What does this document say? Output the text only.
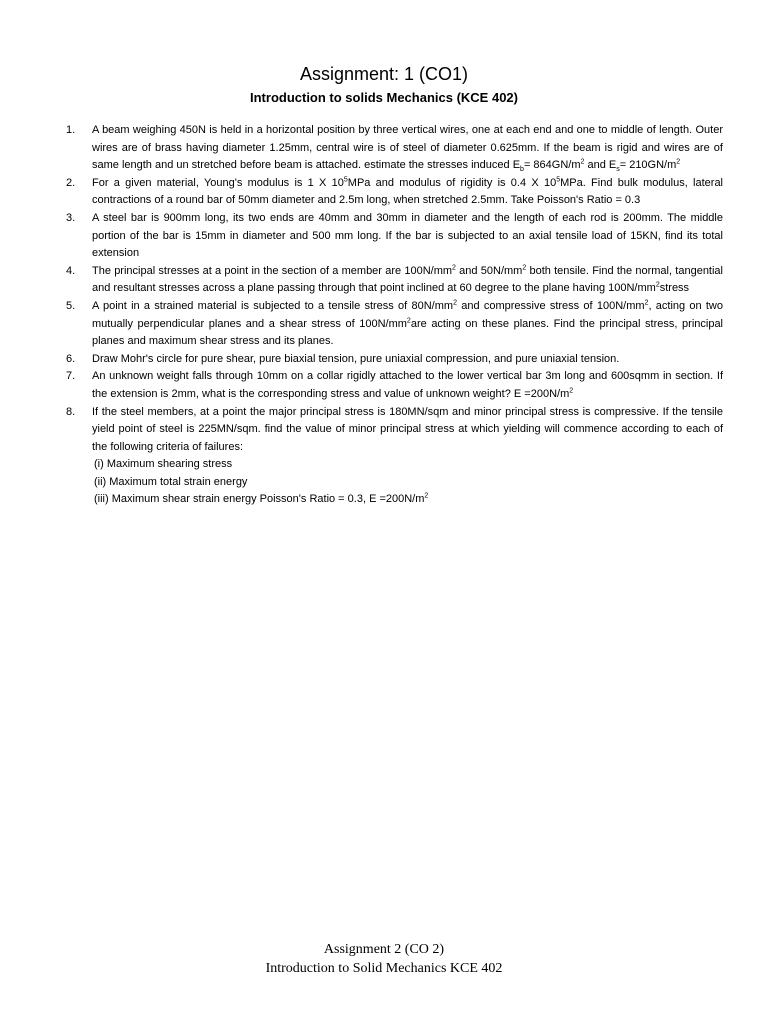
Assignment: 1 (CO1)
Introduction to solids Mechanics (KCE 402)
1. A beam weighing 450N is held in a horizontal position by three vertical wires, one at each end and one to middle of length. Outer wires are of brass having diameter 1.25mm, central wire is of steel of diameter 0.625mm. If the beam is rigid and wires are of same length and un stretched before beam is attached. estimate the stresses induced $E_b= 864GN/m^2$ and $E_s= 210GN/m^2$
2. For a given material, Young's modulus is 1 X $10^5MPa$ and modulus of rigidity is 0.4 X $10^5MPa$. Find bulk modulus, lateral contractions of a round bar of 50mm diameter and 2.5m long, when stretched 2.5mm. Take Poisson's Ratio = 0.3
3. A steel bar is 900mm long, its two ends are 40mm and 30mm in diameter and the length of each rod is 200mm. The middle portion of the bar is 15mm in diameter and 500 mm long. If the bar is subjected to an axial tensile load of 15KN, find its total extension
4. The principal stresses at a point in the section of a member are $100N/mm^2$ and $50N/mm^2$ both tensile. Find the normal, tangential and resultant stresses across a plane passing through that point inclined at 60 degree to the plane having $100N/mm^2stress$
5. A point in a strained material is subjected to a tensile stress of $80N/mm^2$ and compressive stress of $100N/mm^2$, acting on two mutually perpendicular planes and a shear stress of $100N/mm^2are$ acting on these planes. Find the principal stress, principal planes and maximum shear stress and its planes.
6. Draw Mohr's circle for pure shear, pure biaxial tension, pure uniaxial compression, and pure uniaxial tension.
7. An unknown weight falls through 10mm on a collar rigidly attached to the lower vertical bar 3m long and 600sqmm in section. If the extension is 2mm, what is the corresponding stress and value of unknown weight? $E =200N/m^2$
8. If the steel members, at a point the major principal stress is 180MN/sqm and minor principal stress is compressive. If the tensile yield point of steel is 225MN/sqm. find the value of minor principal stress at which yielding will commence according to each of the following criteria of failures:
(i) Maximum shearing stress
(ii) Maximum total strain energy
(iii) Maximum shear strain energy Poisson's Ratio = 0.3, $E =200N/m^2$
Assignment 2 (CO 2)
Introduction to Solid Mechanics KCE 402
